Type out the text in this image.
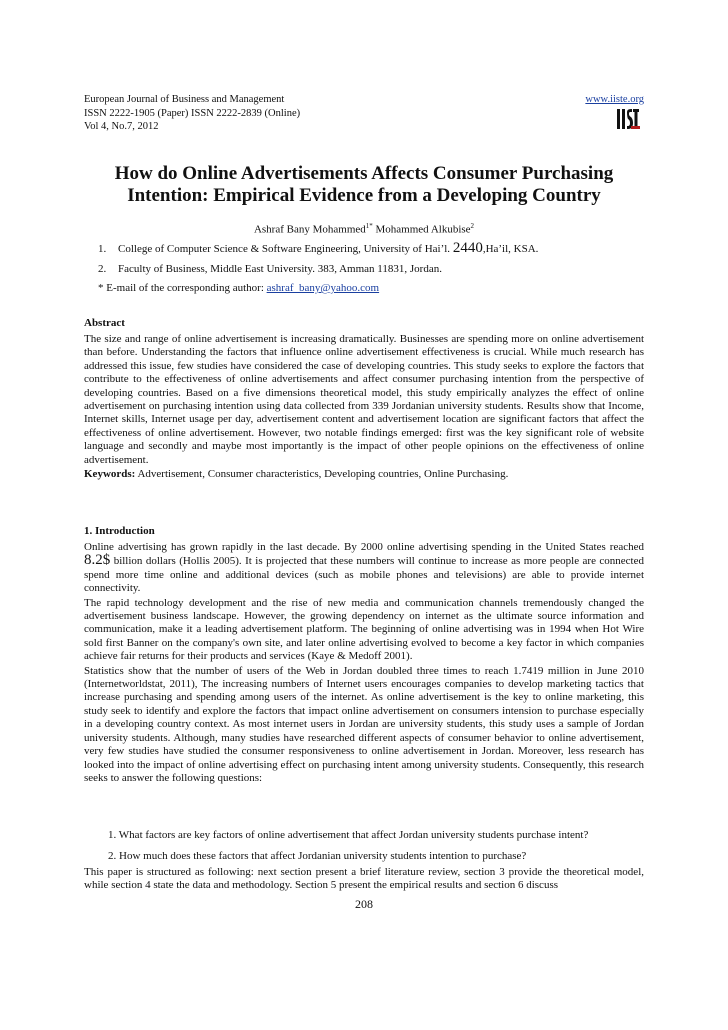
European Journal of Business and Management
ISSN 2222-1905 (Paper) ISSN 2222-2839 (Online)
Vol 4, No.7, 2012
www.iiste.org
How do Online Advertisements Affects Consumer Purchasing
Intention: Empirical Evidence from a Developing Country
Ashraf Bany Mohammed$^{1*}$ Mohammed Alkubise$^2$
1. College of Computer Science & Software Engineering, University of Hai’l. 2440,Ha’il, KSA.
2. Faculty of Business, Middle East University. 383, Amman 11831, Jordan.
* E-mail of the corresponding author: ashraf_bany@yahoo.com
Abstract

The size and range of online advertisement is increasing dramatically. Businesses are spending more on online advertisement than before. Understanding the factors that influence online advertisement effectiveness is crucial. While much research has addressed this issue, few studies have considered the case of developing countries. This study seeks to explore the factors that contribute to the effectiveness of online advertisements and affect consumer purchasing intention from the perspective of developing countries. Based on a five dimensions theoretical model, this study empirically analyzes the effect of online advertisement on purchasing intention using data collected from 339 Jordanian university students. Results show that Income, Internet skills, Internet usage per day, advertisement content and advertisement location are significant factors that affect the effectiveness of online advertisement. However, two notable findings emerged: first was the key significant role of website language and secondly and maybe most importantly is the impact of other people opinions on the effectiveness of online advertisement.

Keywords: Advertisement, Consumer characteristics, Developing countries, Online Purchasing.

1. Introduction

Online advertising has grown rapidly in the last decade. By 2000 online advertising spending in the United States reached 8.2$ billion dollars (Hollis 2005). It is projected that these numbers will continue to increase as more people are connected spend more time online and additional devices (such as mobile phones and televisions) are able to provide internet connectivity.

The rapid technology development and the rise of new media and communication channels tremendously changed the advertisement business landscape. However, the growing dependency on internet as the ultimate source information and communication, make it a leading advertisement platform. The beginning of online advertising was in 1994 when Hot Wire sold first Banner on the company's own site, and later online advertising evolved to become a key factor in which companies achieve fair returns for their products and services (Kaye & Medoff 2001).

Statistics show that the number of users of the Web in Jordan doubled three times to reach 1.7419 million in June 2010 (Internetworldstat, 2011), The increasing numbers of Internet users encourages companies to develop marketing tactics that increase purchasing and spending among users of the internet. As online advertisement is the key to online marketing, this study seek to identify and explore the factors that impact online advertisement on consumers intension to purchase especially in a developing country context. As most internet users in Jordan are university students, this study uses a sample of Jordan university students. Although, many studies have researched different aspects of consumer behavior to online advertisement, very few studies have studied the consumer responsiveness to online advertisement in Jordan. Moreover, less research has looked into the impact of online advertising effect on purchasing intent among university students. Consequently, this research seeks to answer the following questions:

1. What factors are key factors of online advertisement that affect Jordan university students purchase intent?
2. How much does these factors that affect Jordanian university students intention to purchase?

This paper is structured as following: next section present a brief literature review, section 3 provide the theoretical model, while section 4 state the data and methodology. Section 5 present the empirical results and section 6 discuss

208
